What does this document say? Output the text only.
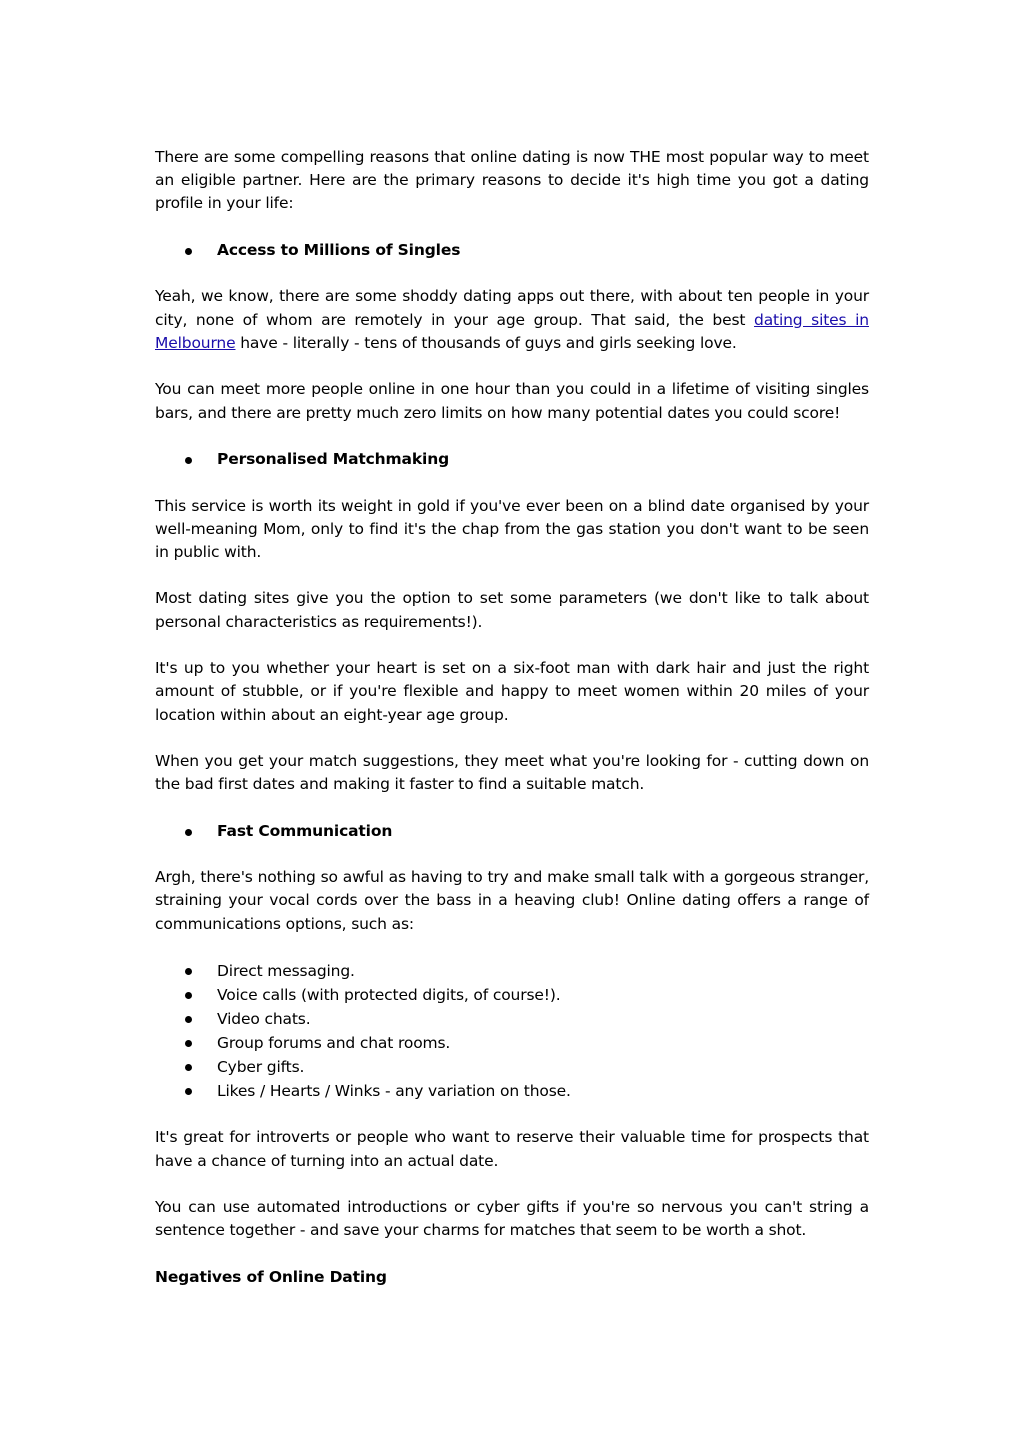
There are some compelling reasons that online dating is now THE most popular way to meet an eligible partner. Here are the primary reasons to decide it's high time you got a dating profile in your life:

Access to Millions of Singles

Yeah, we know, there are some shoddy dating apps out there, with about ten people in your city, none of whom are remotely in your age group. That said, the best dating sites in Melbourne have - literally - tens of thousands of guys and girls seeking love.

You can meet more people online in one hour than you could in a lifetime of visiting singles bars, and there are pretty much zero limits on how many potential dates you could score!

Personalised Matchmaking

This service is worth its weight in gold if you've ever been on a blind date organised by your well-meaning Mom, only to find it's the chap from the gas station you don't want to be seen in public with.

Most dating sites give you the option to set some parameters (we don't like to talk about personal characteristics as requirements!).

It's up to you whether your heart is set on a six-foot man with dark hair and just the right amount of stubble, or if you're flexible and happy to meet women within 20 miles of your location within about an eight-year age group.

When you get your match suggestions, they meet what you're looking for - cutting down on the bad first dates and making it faster to find a suitable match.

Fast Communication

Argh, there's nothing so awful as having to try and make small talk with a gorgeous stranger, straining your vocal cords over the bass in a heaving club! Online dating offers a range of communications options, such as:

Direct messaging.
Voice calls (with protected digits, of course!).
Video chats.
Group forums and chat rooms.
Cyber gifts.
Likes / Hearts / Winks - any variation on those.

It's great for introverts or people who want to reserve their valuable time for prospects that have a chance of turning into an actual date.

You can use automated introductions or cyber gifts if you're so nervous you can't string a sentence together - and save your charms for matches that seem to be worth a shot.

Negatives of Online Dating
